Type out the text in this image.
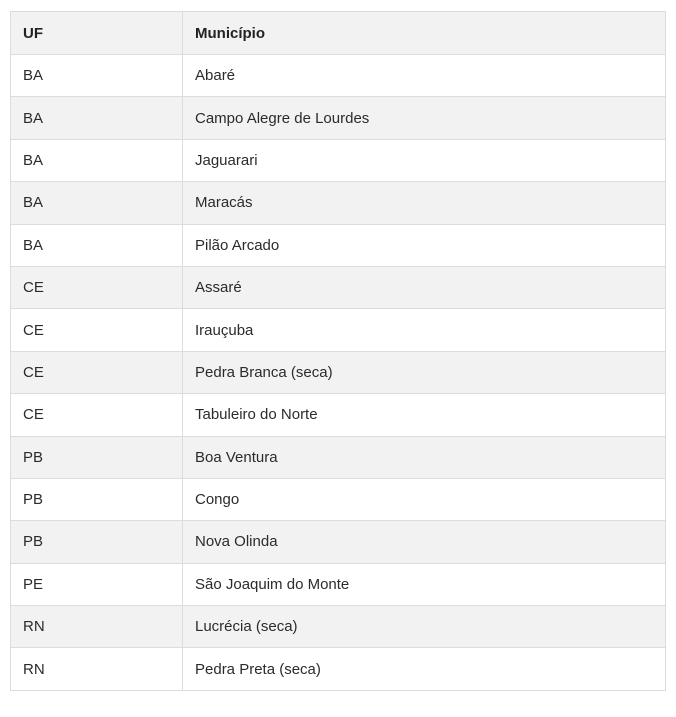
UF	Município
BA	Abaré
BA	Campo Alegre de Lourdes
BA	Jaguarari
BA	Maracás
BA	Pilão Arcado
CE	Assaré
CE	Irauçuba
CE	Pedra Branca (seca)
CE	Tabuleiro do Norte
PB	Boa Ventura
PB	Congo
PB	Nova Olinda
PE	São Joaquim do Monte
RN	Lucrécia (seca)
RN	Pedra Preta (seca)
